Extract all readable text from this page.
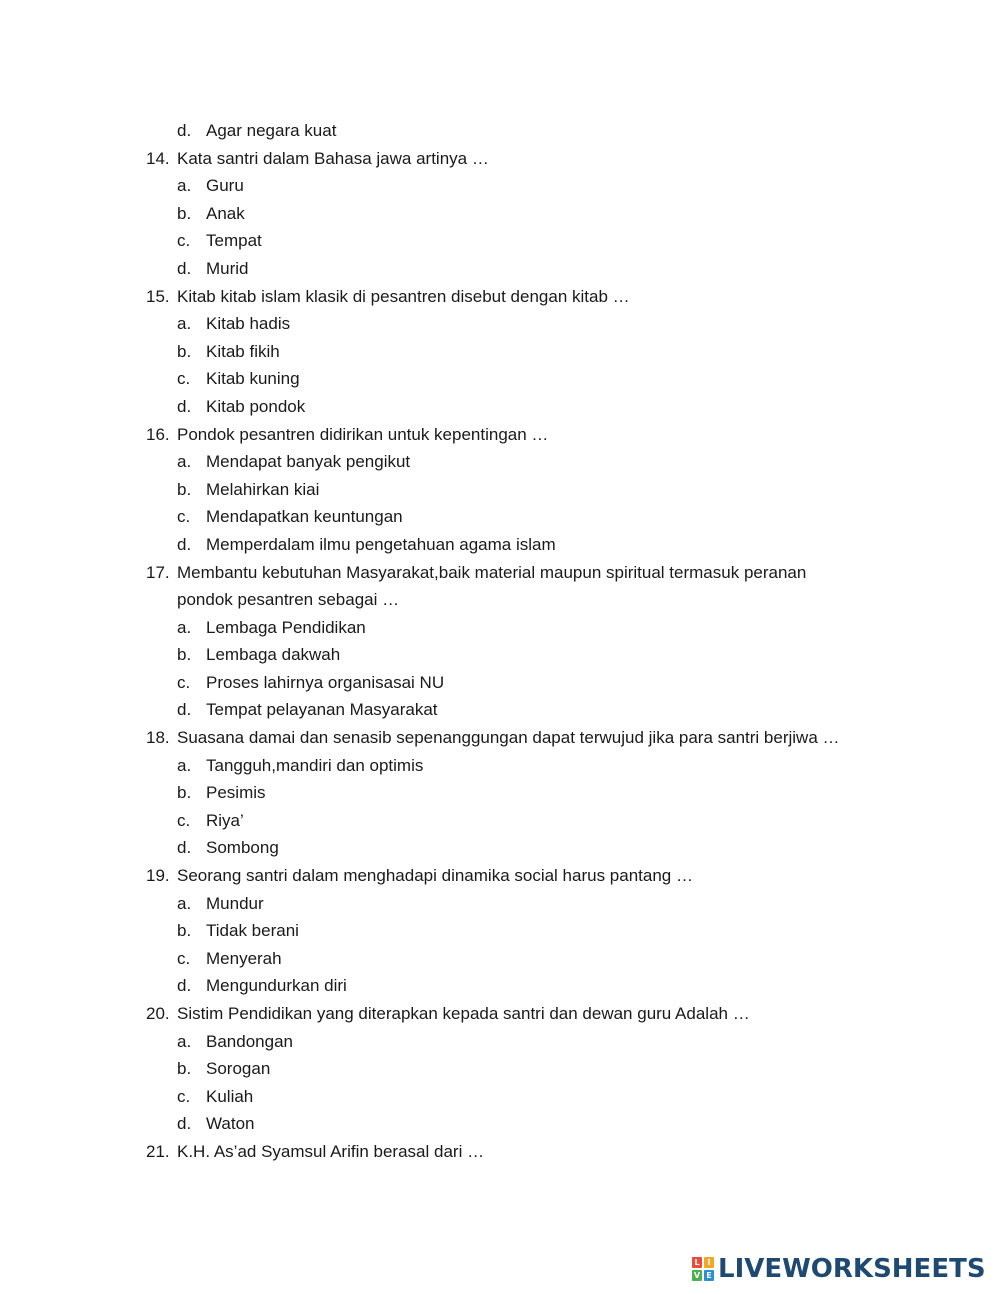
d. Agar negara kuat
14. Kata santri dalam Bahasa jawa artinya …
a. Guru
b. Anak
c. Tempat
d. Murid
15. Kitab kitab islam klasik di pesantren disebut dengan kitab …
a. Kitab hadis
b. Kitab fikih
c. Kitab kuning
d. Kitab pondok
16. Pondok pesantren didirikan untuk kepentingan …
a. Mendapat banyak pengikut
b. Melahirkan kiai
c. Mendapatkan keuntungan
d. Memperdalam ilmu pengetahuan agama islam
17. Membantu kebutuhan Masyarakat,baik material maupun spiritual termasuk peranan
pondok pesantren sebagai …
a. Lembaga Pendidikan
b. Lembaga dakwah
c. Proses lahirnya organisasai NU
d. Tempat pelayanan Masyarakat
18. Suasana damai dan senasib sepenanggungan dapat terwujud jika para santri berjiwa …
a. Tangguh,mandiri dan optimis
b. Pesimis
c. Riya’
d. Sombong
19. Seorang santri dalam menghadapi dinamika social harus pantang …
a. Mundur
b. Tidak berani
c. Menyerah
d. Mengundurkan diri
20. Sistim Pendidikan yang diterapkan kepada santri dan dewan guru Adalah …
a. Bandongan
b. Sorogan
c. Kuliah
d. Waton
21. K.H. As’ad Syamsul Arifin berasal dari …
L I
V E LIVEWORKSHEETS
